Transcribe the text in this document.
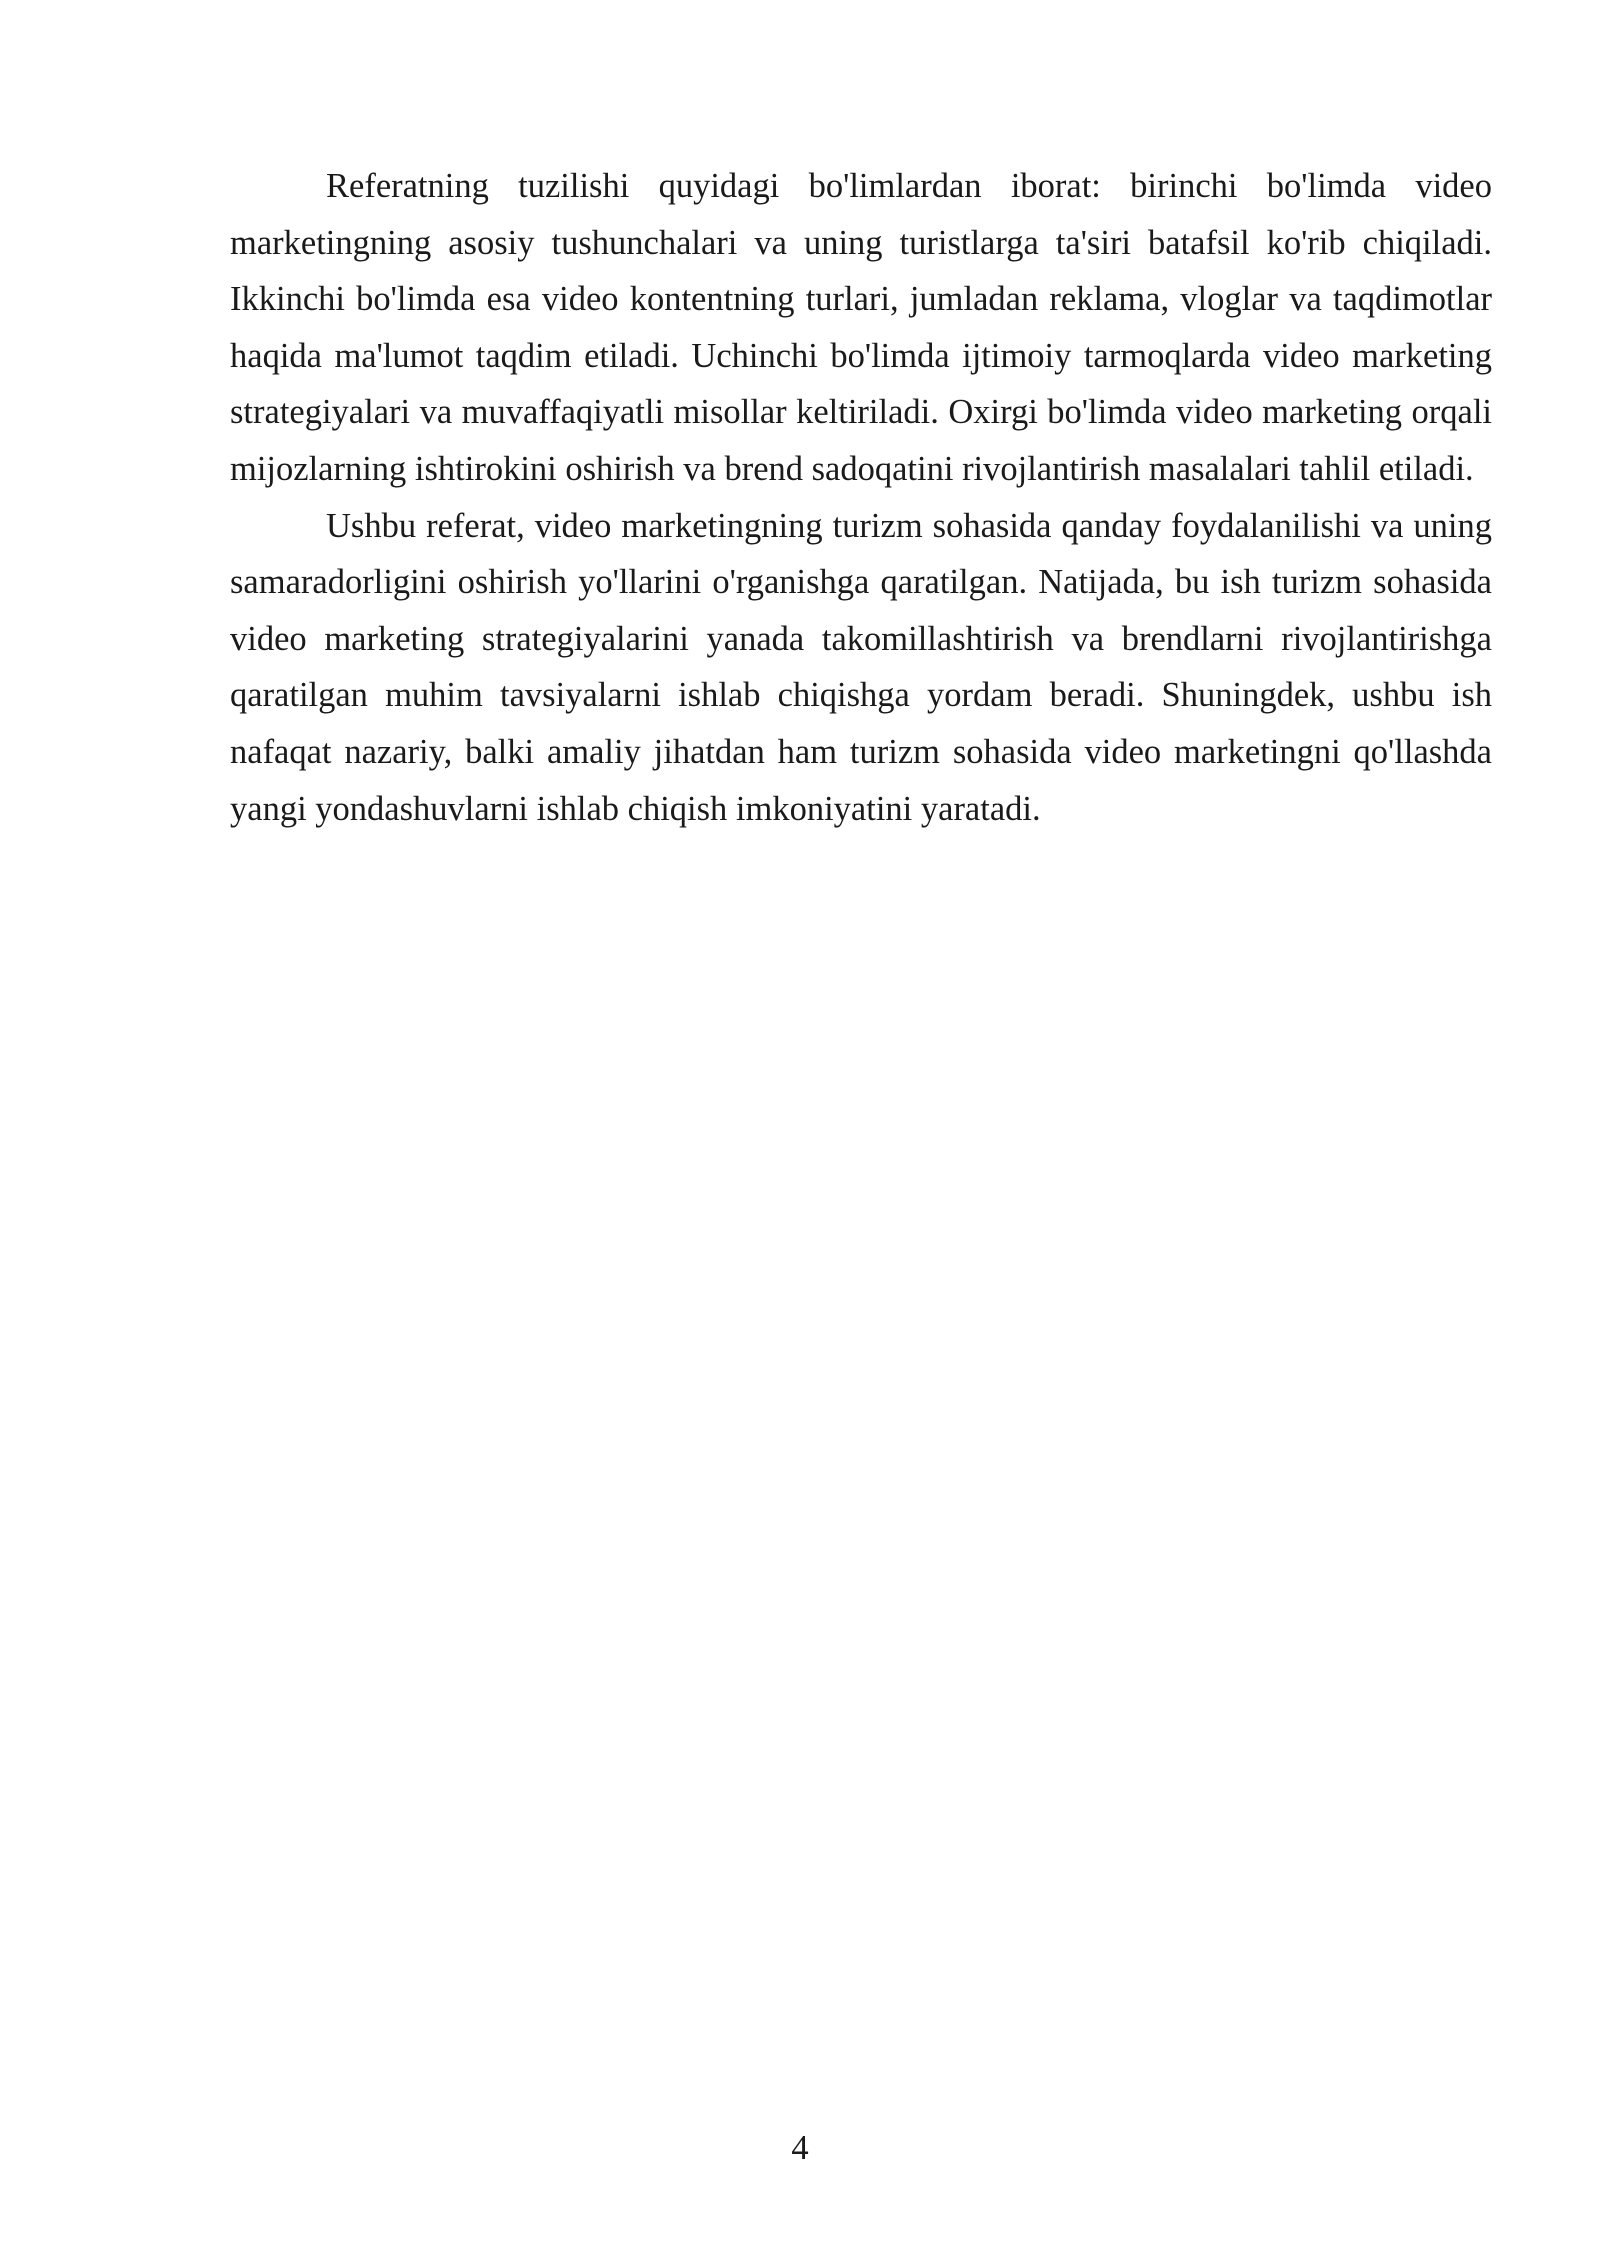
Referatning tuzilishi quyidagi bo'limlardan iborat: birinchi bo'limda video marketingning asosiy tushunchalari va uning turistlarga ta'siri batafsil ko'rib chiqiladi. Ikkinchi bo'limda esa video kontentning turlari, jumladan reklama, vloglar va taqdimotlar haqida ma'lumot taqdim etiladi. Uchinchi bo'limda ijtimoiy tarmoqlarda video marketing strategiyalari va muvaffaqiyatli misollar keltiriladi. Oxirgi bo'limda video marketing orqali mijozlarning ishtirokini oshirish va brend sadoqatini rivojlantirish masalalari tahlil etiladi.

Ushbu referat, video marketingning turizm sohasida qanday foydalanilishi va uning samaradorligini oshirish yo'llarini o'rganishga qaratilgan. Natijada, bu ish turizm sohasida video marketing strategiyalarini yanada takomillashtirish va brendlarni rivojlantirishga qaratilgan muhim tavsiyalarni ishlab chiqishga yordam beradi. Shuningdek, ushbu ish nafaqat nazariy, balki amaliy jihatdan ham turizm sohasida video marketingni qo'llashda yangi yondashuvlarni ishlab chiqish imkoniyatini yaratadi.

4
